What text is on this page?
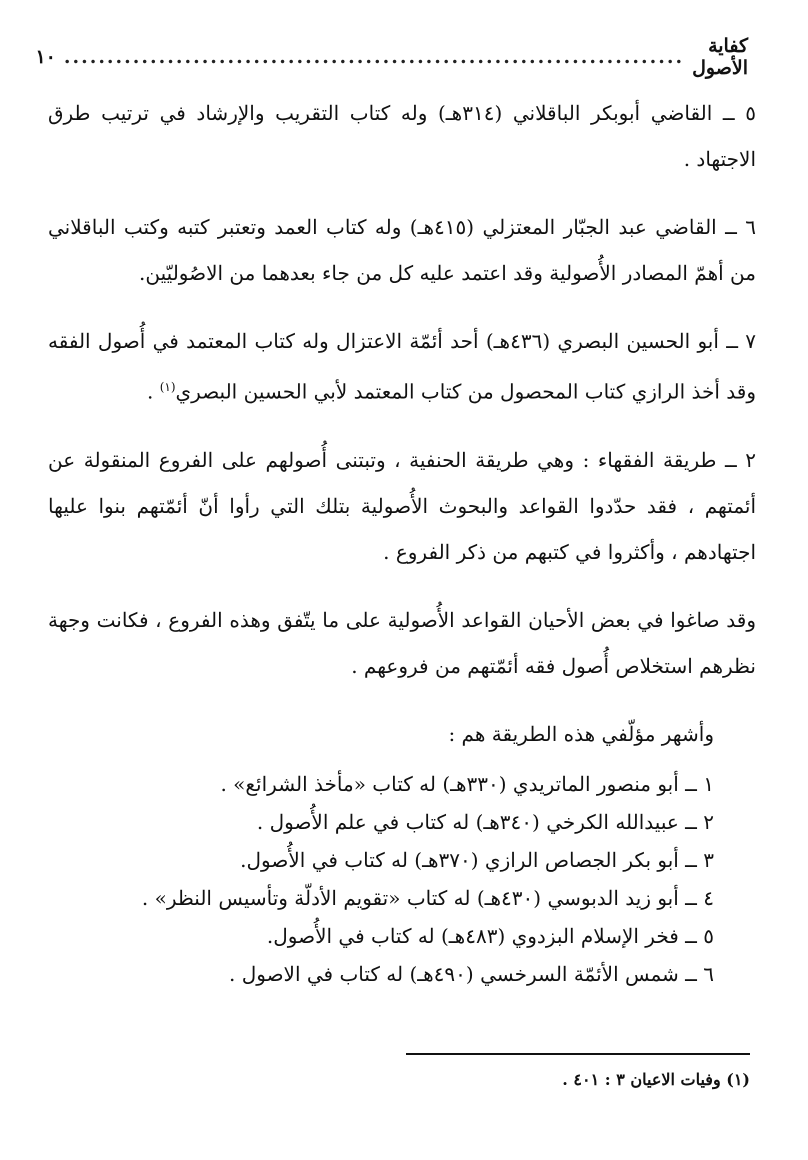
كفاية الأصول
........................................................................
١٠

٥ ــ القاضي أبوبكر الباقلاني (٣١٤هـ) وله كتاب التقريب والإرشاد في ترتيب طرق الاجتهاد .

٦ ــ القاضي عبد الجبّار المعتزلي (٤١٥هـ) وله كتاب العمد وتعتبر كتبه وكتب الباقلاني من أهمّ المصادر الأُصولية وقد اعتمد عليه كل من جاء بعدهما من الاصُوليّين.

٧ ــ أبو الحسين البصري (٤٣٦هـ) أحد أئمّة الاعتزال وله كتاب المعتمد في أُصول الفقه وقد أخذ الرازي كتاب المحصول من كتاب المعتمد لأبي الحسين البصري$^{(١)}$ .

٢ ــ طريقة الفقهاء : وهي طريقة الحنفية ، وتبتنى أُصولهم على الفروع المنقولة عن أئمتهم ، فقد حدّدوا القواعد والبحوث الأُصولية بتلك التي رأوا أنّ أئمّتهم بنوا عليها اجتهادهم ، وأكثروا في كتبهم من ذكر الفروع .

وقد صاغوا في بعض الأحيان القواعد الأُصولية على ما يتّفق وهذه الفروع ، فكانت وجهة نظرهم استخلاص أُصول فقه أئمّتهم من فروعهم .

وأشهر مؤلّفي هذه الطريقة هم :
١ ــ أبو منصور الماتريدي (٣٣٠هـ) له كتاب «مأخذ الشرائع» .
٢ ــ عبيدالله الكرخي (٣٤٠هـ) له كتاب في علم الأُصول .
٣ ــ أبو بكر الجصاص الرازي (٣٧٠هـ) له كتاب في الأُصول.
٤ ــ أبو زيد الدبوسي (٤٣٠هـ) له كتاب «تقويم الأدلّة وتأسيس النظر» .
٥ ــ فخر الإسلام البزدوي (٤٨٣هـ) له كتاب في الأُصول.
٦ ــ شمس الأئمّة السرخسي (٤٩٠هـ) له كتاب في الاصول .
(١) وفيات الاعيان ٣ : ٤٠١ .
